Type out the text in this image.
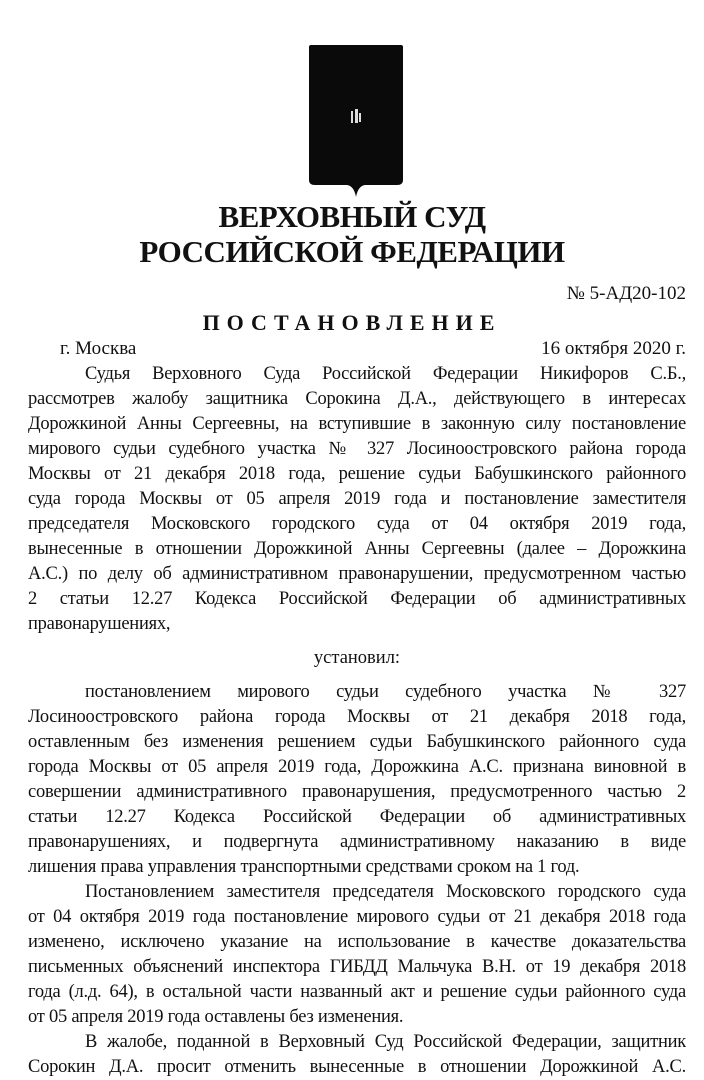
ВЕРХОВНЫЙ СУД
РОССИЙСКОЙ ФЕДЕРАЦИИ
№ 5-АД20-102
ПОСТАНОВЛЕНИЕ
г. Москва	16 октября 2020 г.
Судья Верховного Суда Российской Федерации Никифоров С.Б.,
рассмотрев жалобу защитника Сорокина Д.А., действующего в интересах
Дорожкиной Анны Сергеевны, на вступившие в законную силу постановление
мирового судьи судебного участка № 327 Лосиноостровского района города
Москвы от 21 декабря 2018 года, решение судьи Бабушкинского районного
суда города Москвы от 05 апреля 2019 года и постановление заместителя
председателя Московского городского суда от 04 октября 2019 года,
вынесенные в отношении Дорожкиной Анны Сергеевны (далее – Дорожкина
А.С.) по делу об административном правонарушении, предусмотренном частью
2 статьи 12.27 Кодекса Российской Федерации об административных
правонарушениях,
установил:
постановлением мирового судьи судебного участка № 327
Лосиноостровского района города Москвы от 21 декабря 2018 года,
оставленным без изменения решением судьи Бабушкинского районного суда
города Москвы от 05 апреля 2019 года, Дорожкина А.С. признана виновной в
совершении административного правонарушения, предусмотренного частью 2
статьи 12.27 Кодекса Российской Федерации об административных
правонарушениях, и подвергнута административному наказанию в виде
лишения права управления транспортными средствами сроком на 1 год.
Постановлением заместителя председателя Московского городского суда
от 04 октября 2019 года постановление мирового судьи от 21 декабря 2018 года
изменено, исключено указание на использование в качестве доказательства
письменных объяснений инспектора ГИБДД Мальчука В.Н. от 19 декабря 2018
года (л.д. 64), в остальной части названный акт и решение судьи районного суда
от 05 апреля 2019 года оставлены без изменения.
В жалобе, поданной в Верховный Суд Российской Федерации, защитник
Сорокин Д.А. просит отменить вынесенные в отношении Дорожкиной А.С.
